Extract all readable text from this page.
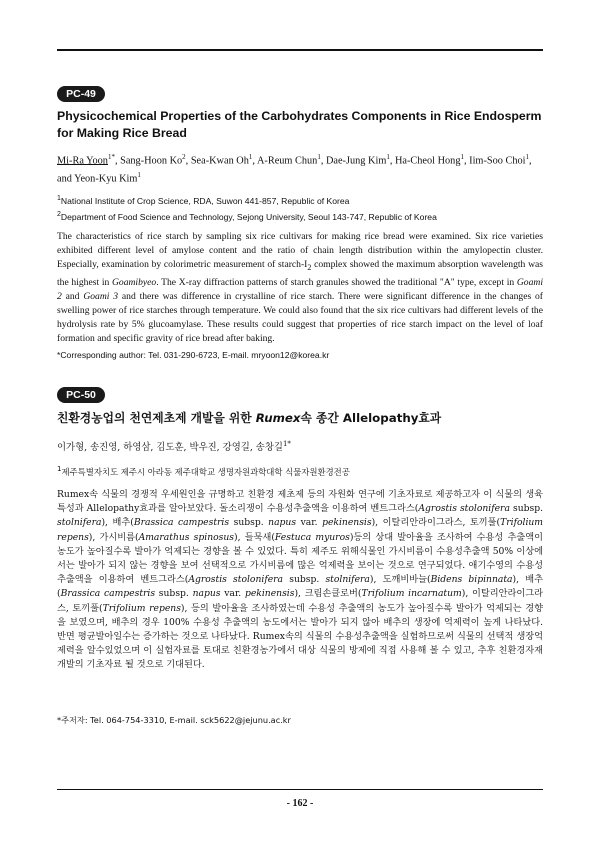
PC-49
Physicochemical Properties of the Carbohydrates Components in Rice Endosperm for Making Rice Bread
Mi-Ra Yoon$^{1*}$, Sang-Hoon Ko$^2$, Sea-Kwan Oh$^1$, A-Reum Chun$^1$, Dae-Jung Kim$^1$, Ha-Cheol Hong$^1$, Iim-Soo Choi$^1$, and Yeon-Kyu Kim$^1$
$^1$National Institute of Crop Science, RDA, Suwon 441-857, Republic of Korea
$^2$Department of Food Science and Technology, Sejong University, Seoul 143-747, Republic of Korea

The characteristics of rice starch by sampling six rice cultivars for making rice bread were examined. Six rice varieties exhibited different level of amylose content and the ratio of chain length distribution within the amylopectin cluster. Especially, examination by colorimetric measurement of starch-$I_2$ complex showed the maximum absorption wavelength was the highest in Goamibyeo. The X-ray diffraction patterns of starch granules showed the traditional "A" type, except in Goami 2 and Goami 3 and there was difference in crystalline of rice starch. There were significant difference in the changes of swelling power of rice starches through temperature. We could also found that the six rice cultivars had different levels of the hydrolysis rate by 5% glucoamylase. These results could suggest that properties of rice starch impact on the level of loaf formation and specific gravity of rice bread after baking.

*Corresponding author: Tel. 031-290-6723, E-mail. mryoon12@korea.kr
PC-50
친환경농업의 천연제초제 개발을 위한 Rumex속 종간 Allelopathy효과
이가형, 송진영, 하영삼, 김도훈, 박우진, 강영길, 송창길$^{1*}$
$^1$제주특별자치도 제주시 아라동 제주대학교 생명자원과학대학 식물자원환경전공

Rumex속 식물의 경쟁적 우세원인을 규명하고 친환경 제초제 등의 자원화 연구에 기초자료로 제공하고자 이 식물의 생육특성과 Allelopathy효과를 알아보았다. 돌소리쟁이 수용성추출액을 이용하여 벤트그라스(Agrostis stolonifera subsp. stolnifera), 배추(Brassica campestris subsp. napus var. pekinensis), 이탈리안라이그라스, 토끼풀(Trifolium repens), 가시비름(Amarathus spinosus), 들묵새(Festuca myuros)등의 상대 발아율을 조사하여 수용성 추출액이 농도가 높아질수록 발아가 억제되는 경향을 볼 수 있었다. 특히 제주도 위해식물인 가시비름이 수용성추출액 50% 이상에서는 발아가 되지 않는 경향을 보여 선택적으로 가시비름에 많은 억제력을 보이는 것으로 연구되었다. 애기수영의 수용성 추출액을 이용하여 벤트그라스(Agrostis stolonifera subsp. stolnifera), 도깨비바늘(Bidens bipinnata), 배추(Brassica campestris subsp. napus var. pekinensis), 크림손클로버(Trifolium incarnatum), 이탈리안라이그라스, 토끼풀(Trifolium repens), 등의 발아율을 조사하였는데 수용성 추출액의 농도가 높아질수록 발아가 억제되는 경향을 보였으며, 배추의 경우 100% 수용성 추출액의 농도에서는 발아가 되지 않아 배추의 생장에 억제력이 높게 나타났다. 반면 평균발아일수는 증가하는 것으로 나타났다. Rumex속의 식물의 수용성추출액을 실험하므로써 식물의 선택적 생장억제력을 알수있었으며 이 실험자료를 토대로 친환경농가에서 대상 식물의 방제에 직접 사용해 볼 수 있고, 추후 친환경자재 개발의 기초자료 될 것으로 기대된다.

*주저자: Tel. 064-754-3310, E-mail. sck5622@jejunu.ac.kr
- 162 -
